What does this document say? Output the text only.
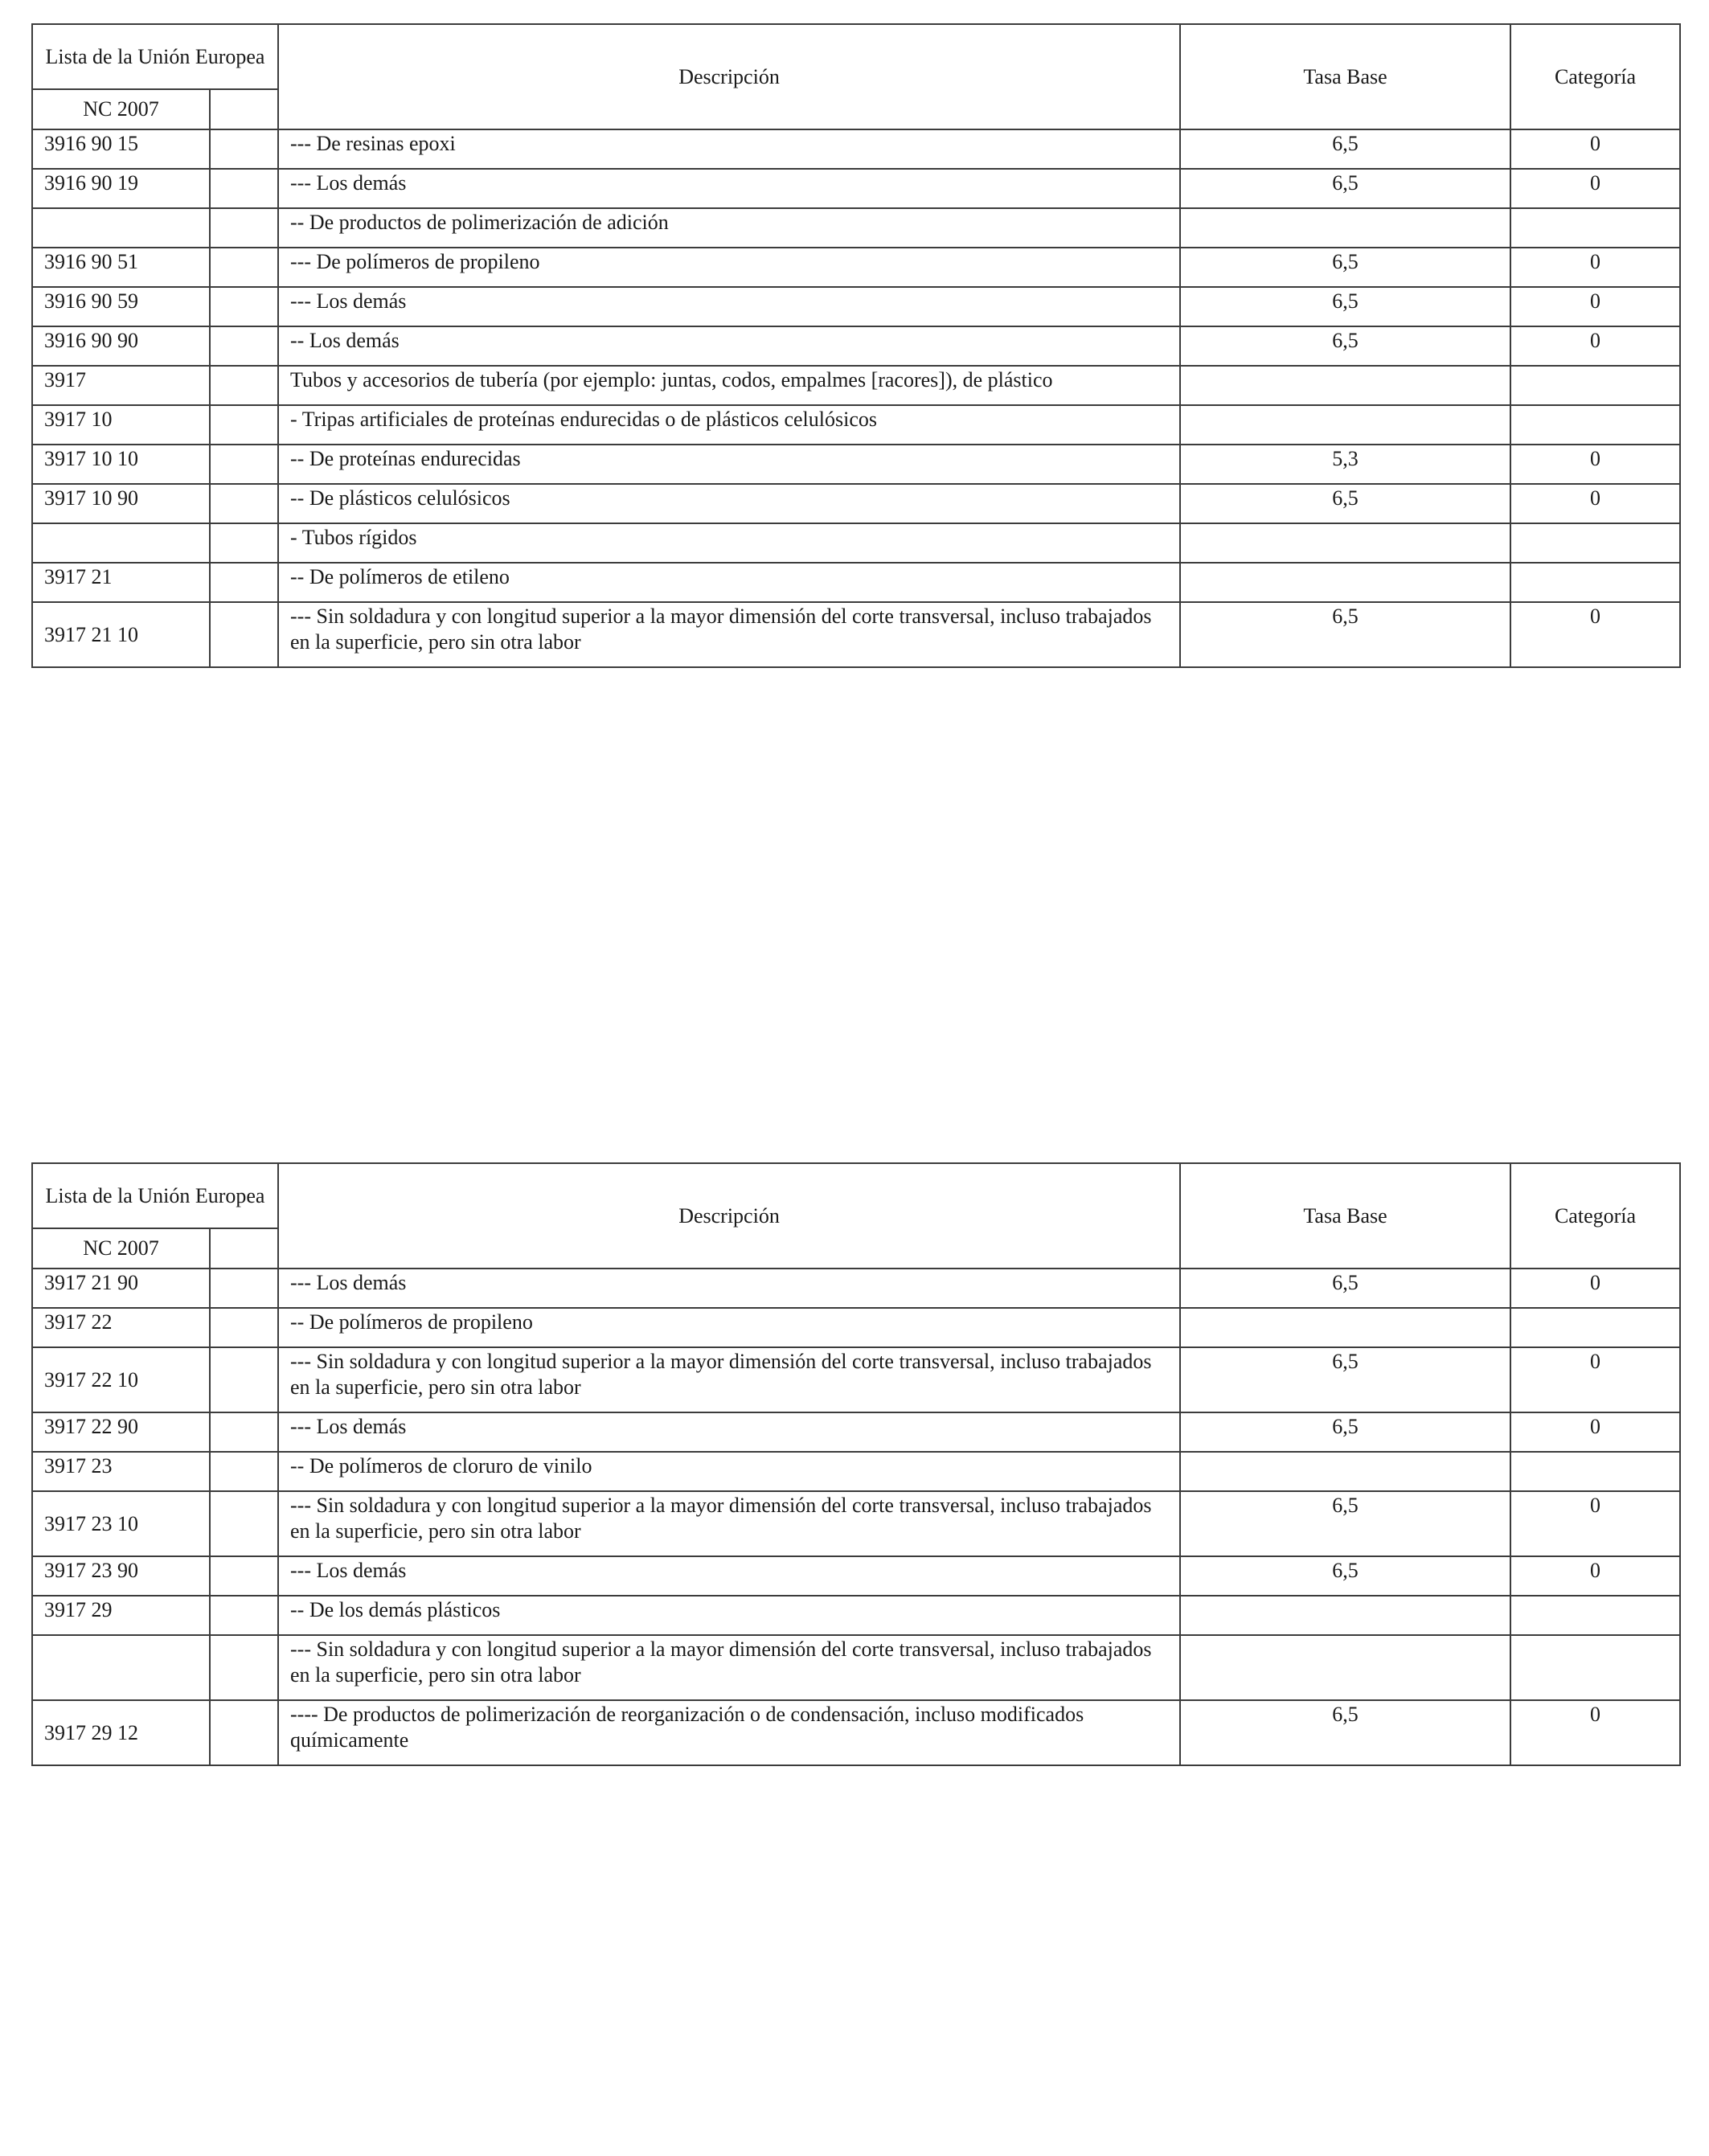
Lista de la Unión Europea		Descripción	Tasa Base	Categoría
NC 2007				
3916 90 15		--- De resinas epoxi	6,5	0
3916 90 19		--- Los demás	6,5	0
		-- De productos de polimerización de adición		
3916 90 51		--- De polímeros de propileno	6,5	0
3916 90 59		--- Los demás	6,5	0
3916 90 90		-- Los demás	6,5	0
3917		Tubos y accesorios de tubería (por ejemplo: juntas, codos, empalmes [racores]), de plástico		
3917 10		- Tripas artificiales de proteínas endurecidas o de plásticos celulósicos		
3917 10 10		-- De proteínas endurecidas	5,3	0
3917 10 90		-- De plásticos celulósicos	6,5	0
		- Tubos rígidos		
3917 21		-- De polímeros de etileno		
3917 21 10		--- Sin soldadura y con longitud superior a la mayor dimensión del corte transversal, incluso trabajados en la superficie, pero sin otra labor	6,5	0
Lista de la Unión Europea		Descripción	Tasa Base	Categoría
NC 2007				
3917 21 90		--- Los demás	6,5	0
3917 22		-- De polímeros de propileno		
3917 22 10		--- Sin soldadura y con longitud superior a la mayor dimensión del corte transversal, incluso trabajados en la superficie, pero sin otra labor	6,5	0
3917 22 90		--- Los demás	6,5	0
3917 23		-- De polímeros de cloruro de vinilo		
3917 23 10		--- Sin soldadura y con longitud superior a la mayor dimensión del corte transversal, incluso trabajados en la superficie, pero sin otra labor	6,5	0
3917 23 90		--- Los demás	6,5	0
3917 29		-- De los demás plásticos		
		--- Sin soldadura y con longitud superior a la mayor dimensión del corte transversal, incluso trabajados en la superficie, pero sin otra labor		
3917 29 12		---- De productos de polimerización de reorganización o de condensación, incluso modificados químicamente	6,5	0
